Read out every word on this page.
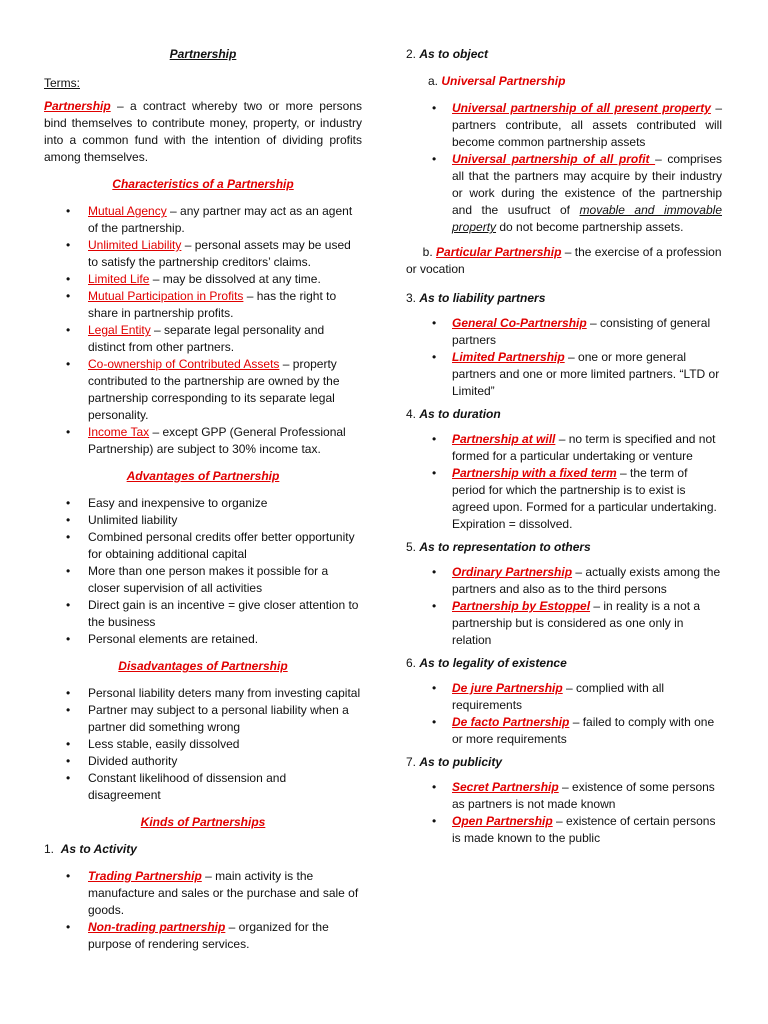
Partnership

Terms:

Partnership – a contract whereby two or more persons bind themselves to contribute money, property, or industry into a common fund with the intention of dividing profits among themselves.

Characteristics of a Partnership
• Mutual Agency – any partner may act as an agent of the partnership.
• Unlimited Liability – personal assets may be used to satisfy the partnership creditors’ claims.
• Limited Life – may be dissolved at any time.
• Mutual Participation in Profits – has the right to share in partnership profits.
• Legal Entity – separate legal personality and distinct from other partners.
• Co-ownership of Contributed Assets – property contributed to the partnership are owned by the partnership corresponding to its separate legal personality.
• Income Tax – except GPP (General Professional Partnership) are subject to 30% income tax.
Advantages of Partnership
• Easy and inexpensive to organize
• Unlimited liability
• Combined personal credits offer better opportunity for obtaining additional capital
• More than one person makes it possible for a closer supervision of all activities
• Direct gain is an incentive = give closer attention to the business
• Personal elements are retained.
Disadvantages of Partnership
• Personal liability deters many from investing capital
• Partner may subject to a personal liability when a partner did something wrong
• Less stable, easily dissolved
• Divided authority
• Constant likelihood of dissension and disagreement
Kinds of Partnerships
1. As to Activity
• Trading Partnership – main activity is the manufacture and sales or the purchase and sale of goods.
• Non-trading partnership – organized for the purpose of rendering services.
2. As to object
a. Universal Partnership
• Universal partnership of all present property – partners contribute, all assets contributed will become common partnership assets
• Universal partnership of all profit – comprises all that the partners may acquire by their industry or work during the existence of the partnership and the usufruct of movable and immovable property do not become partnership assets.
b. Particular Partnership – the exercise of a profession or vocation
3. As to liability partners
• General Co-Partnership – consisting of general partners
• Limited Partnership – one or more general partners and one or more limited partners. “LTD or Limited”
4. As to duration
• Partnership at will – no term is specified and not formed for a particular undertaking or venture
• Partnership with a fixed term – the term of period for which the partnership is to exist is agreed upon. Formed for a particular undertaking. Expiration = dissolved.
5. As to representation to others
• Ordinary Partnership – actually exists among the partners and also as to the third persons
• Partnership by Estoppel – in reality is a not a partnership but is considered as one only in relation
6. As to legality of existence
• De jure Partnership – complied with all requirements
• De facto Partnership – failed to comply with one or more requirements
7. As to publicity
• Secret Partnership – existence of some persons as partners is not made known
• Open Partnership – existence of certain persons is made known to the public
